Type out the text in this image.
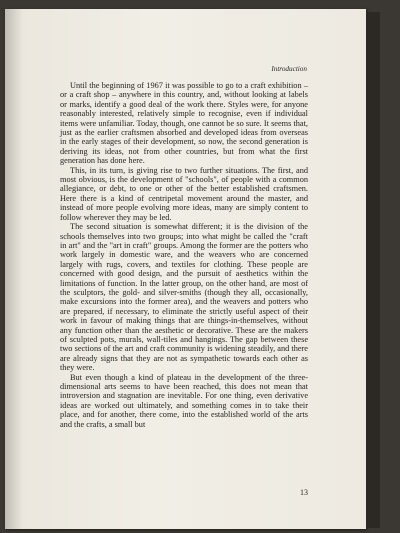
Introduction

Until the beginning of 1967 it was possible to go to a craft exhibition – or a craft shop – anywhere in this country, and, without looking at labels or marks, identify a good deal of the work there. Styles were, for anyone reasonably interested, relatively simple to recognise, even if individual items were unfamiliar. Today, though, one cannot be so sure. It seems that, just as the earlier craftsmen absorbed and developed ideas from overseas in the early stages of their development, so now, the second generation is deriving its ideas, not from other countries, but from what the first generation has done here.

This, in its turn, is giving rise to two further situations. The first, and most obvious, is the development of "schools", of people with a common allegiance, or debt, to one or other of the better established craftsmen. Here there is a kind of centripetal movement around the master, and instead of more people evolving more ideas, many are simply content to follow wherever they may be led.

The second situation is somewhat different; it is the division of the schools themselves into two groups; into what might be called the "craft in art" and the "art in craft" groups. Among the former are the potters who work largely in domestic ware, and the weavers who are concerned largely with rugs, covers, and textiles for clothing. These people are concerned with good design, and the pursuit of aesthetics within the limitations of function. In the latter group, on the other hand, are most of the sculptors, the gold- and silver-smiths (though they all, occasionally, make excursions into the former area), and the weavers and potters who are prepared, if necessary, to eliminate the strictly useful aspect of their work in favour of making things that are things-in-themselves, without any function other than the aesthetic or decorative. These are the makers of sculpted pots, murals, wall-tiles and hangings. The gap between these two sections of the art and craft community is widening steadily, and there are already signs that they are not as sympathetic towards each other as they were.

But even though a kind of plateau in the development of the three-dimensional arts seems to have been reached, this does not mean that introversion and stagnation are inevitable. For one thing, even derivative ideas are worked out ultimately, and something comes in to take their place, and for another, there come, into the established world of the arts and the crafts, a small but

13
